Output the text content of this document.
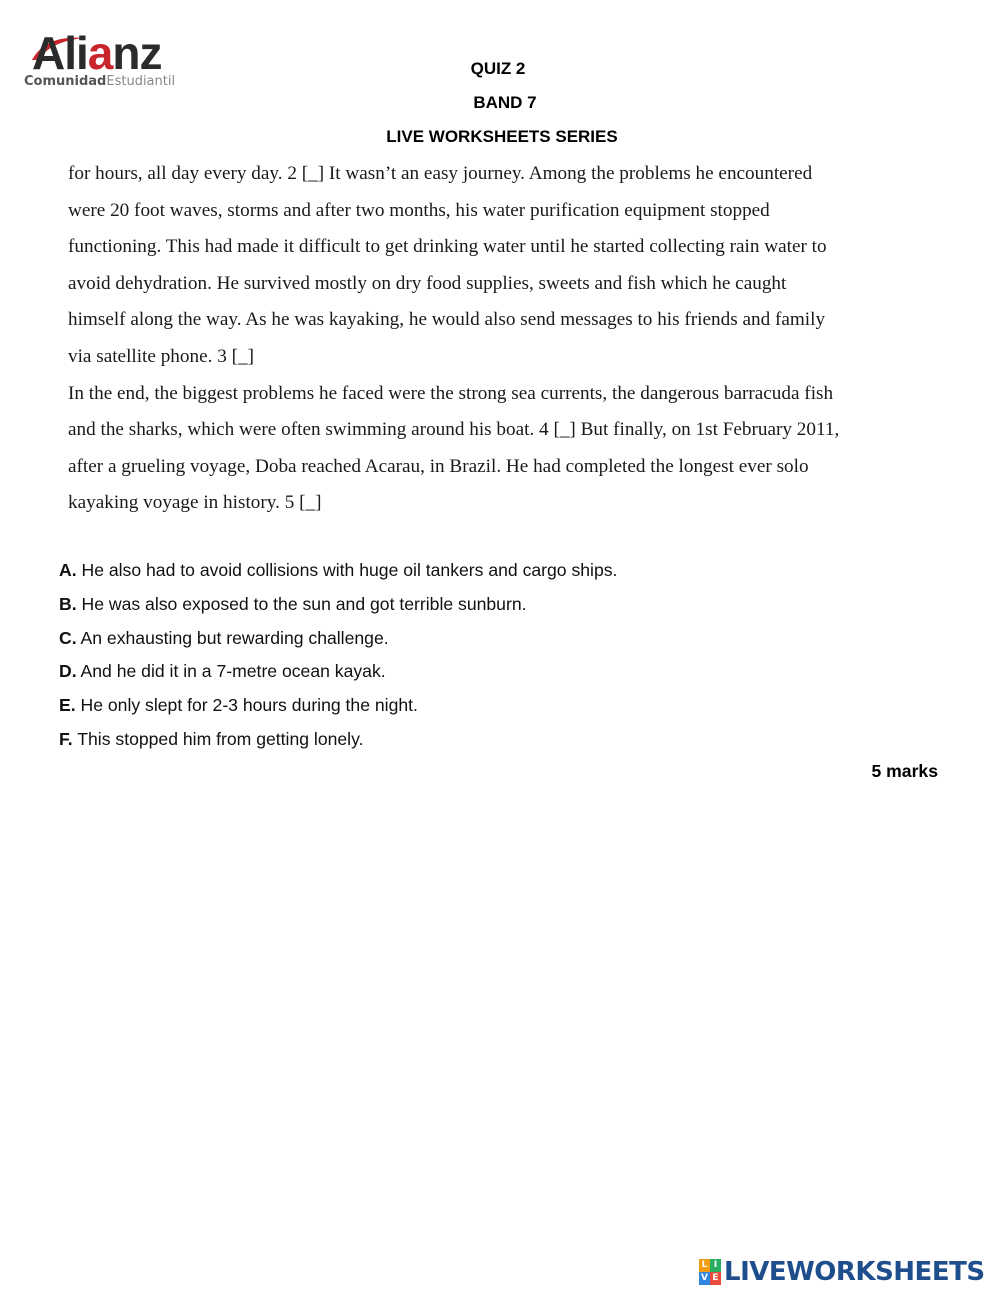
Alianz
ComunidadEstudiantil
QUIZ 2
BAND 7
LIVE WORKSHEETS SERIES
for hours, all day every day. 2 [_] It wasn’t an easy journey. Among the problems he encountered
were 20 foot waves, storms and after two months, his water purification equipment stopped
functioning. This had made it difficult to get drinking water until he started collecting rain water to
avoid dehydration. He survived mostly on dry food supplies, sweets and fish which he caught
himself along the way. As he was kayaking, he would also send messages to his friends and family
via satellite phone. 3 [_]
In the end, the biggest problems he faced were the strong sea currents, the dangerous barracuda fish
and the sharks, which were often swimming around his boat. 4 [_] But finally, on 1st February 2011,
after a grueling voyage, Doba reached Acarau, in Brazil. He had completed the longest ever solo
kayaking voyage in history. 5 [_]
A. He also had to avoid collisions with huge oil tankers and cargo ships.
B. He was also exposed to the sun and got terrible sunburn.
C. An exhausting but rewarding challenge.
D. And he did it in a 7-metre ocean kayak.
E. He only slept for 2-3 hours during the night.
F. This stopped him from getting lonely.
5 marks
L I
V E LIVEWORKSHEETS
